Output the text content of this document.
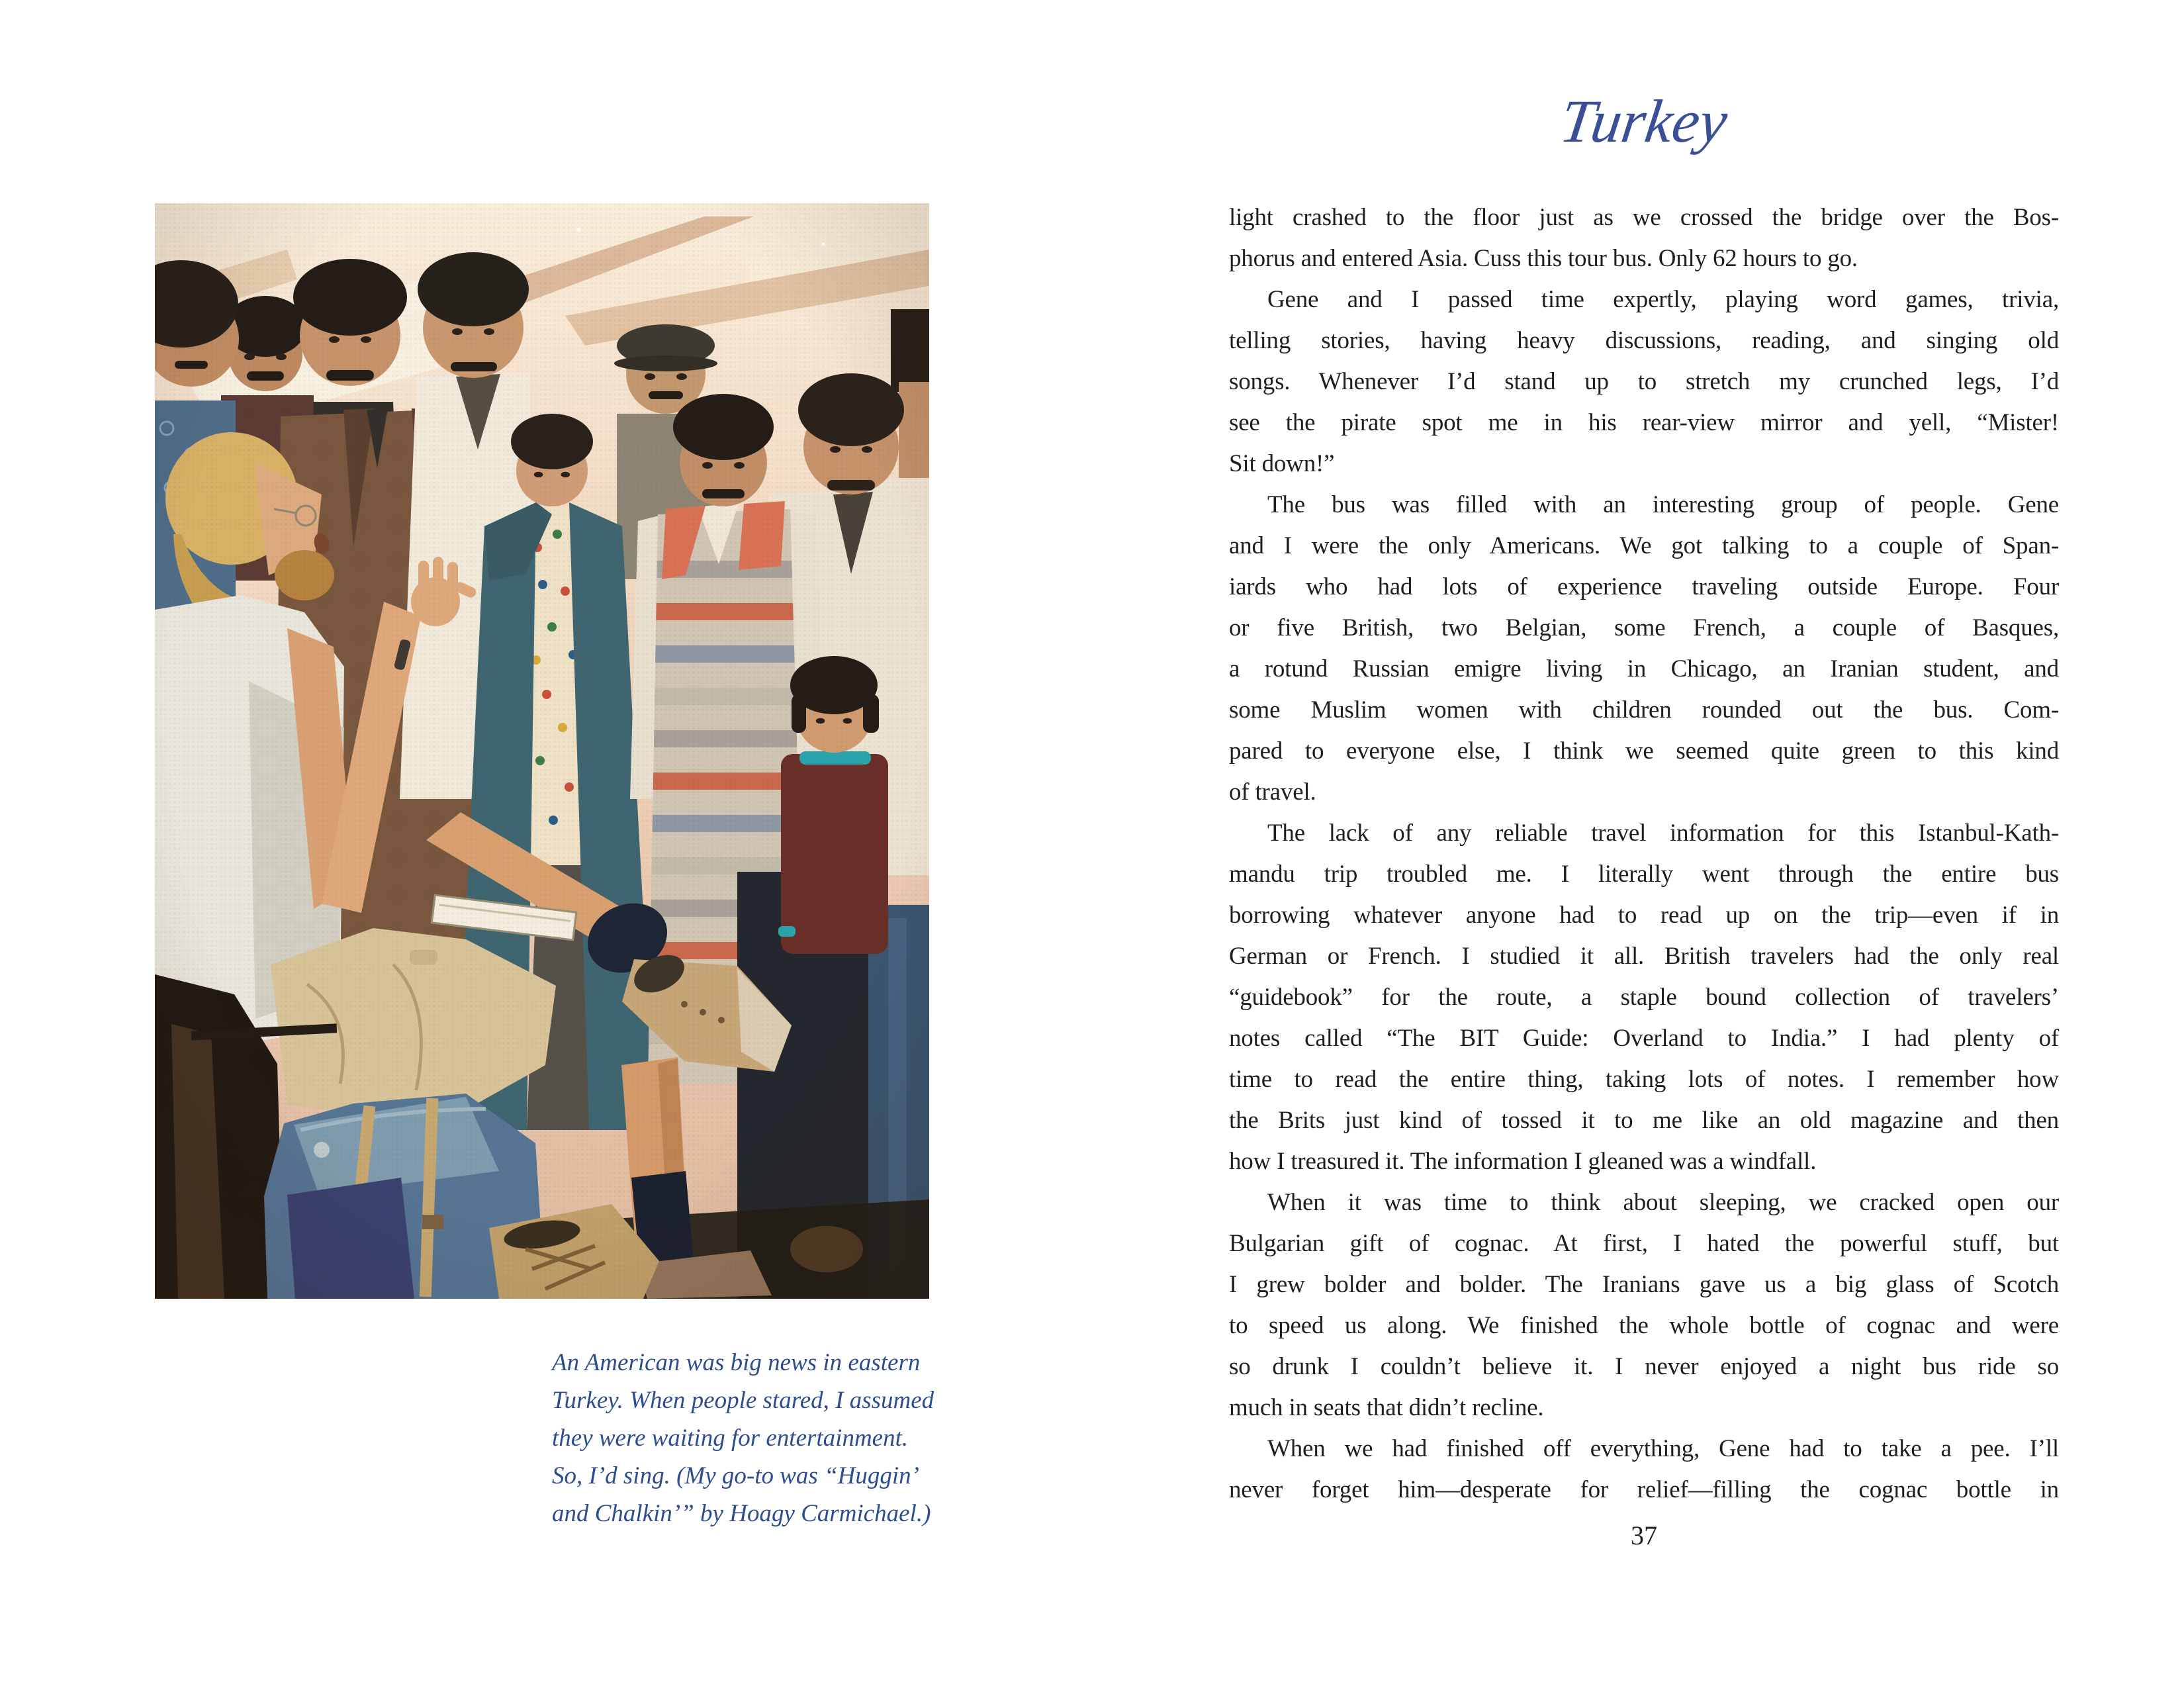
An American was big news in eastern
Turkey. When people stared, I assumed
they were waiting for entertainment.
So, I’d sing. (My go-to was “Huggin’
and Chalkin’” by Hoagy Carmichael.)
Turkey
light crashed to the floor just as we crossed the bridge over the Bos-
phorus and entered Asia. Cuss this tour bus. Only 62 hours to go.
Gene and I passed time expertly, playing word games, trivia,
telling stories, having heavy discussions, reading, and singing old
songs. Whenever I’d stand up to stretch my crunched legs, I’d
see the pirate spot me in his rear-view mirror and yell, “Mister!
Sit down!”
The bus was filled with an interesting group of people. Gene
and I were the only Americans. We got talking to a couple of Span-
iards who had lots of experience traveling outside Europe. Four
or five British, two Belgian, some French, a couple of Basques,
a rotund Russian emigre living in Chicago, an Iranian student, and
some Muslim women with children rounded out the bus. Com-
pared to everyone else, I think we seemed quite green to this kind
of travel.
The lack of any reliable travel information for this Istanbul-Kath-
mandu trip troubled me. I literally went through the entire bus
borrowing whatever anyone had to read up on the trip—even if in
German or French. I studied it all. British travelers had the only real
“guidebook” for the route, a staple bound collection of travelers’
notes called “The BIT Guide: Overland to India.” I had plenty of
time to read the entire thing, taking lots of notes. I remember how
the Brits just kind of tossed it to me like an old magazine and then
how I treasured it. The information I gleaned was a windfall.
When it was time to think about sleeping, we cracked open our
Bulgarian gift of cognac. At first, I hated the powerful stuff, but
I grew bolder and bolder. The Iranians gave us a big glass of Scotch
to speed us along. We finished the whole bottle of cognac and were
so drunk I couldn’t believe it. I never enjoyed a night bus ride so
much in seats that didn’t recline.
When we had finished off everything, Gene had to take a pee. I’ll
never forget him—desperate for relief—filling the cognac bottle in
37
